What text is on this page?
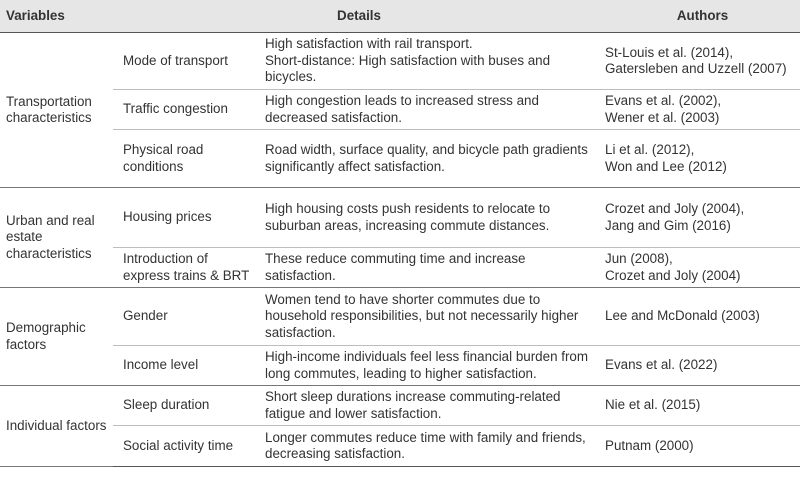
Variables	Details		Authors

Transportation
characteristics	Mode of transport	High satisfaction with rail transport.
Short-distance: High satisfaction with buses and
bicycles.	St-Louis et al. (2014),
Gatersleben and Uzzell (2007)

	Traffic congestion	High congestion leads to increased stress and
decreased satisfaction.	Evans et al. (2002),
Wener et al. (2003)

	Physical road
conditions	Road width, surface quality, and bicycle path gradients
significantly affect satisfaction.	Li et al. (2012),
Won and Lee (2012)

Urban and real
estate
characteristics	Housing prices	High housing costs push residents to relocate to
suburban areas, increasing commute distances.	Crozet and Joly (2004),
Jang and Gim (2016)

	Introduction of
express trains & BRT	These reduce commuting time and increase
satisfaction.	Jun (2008),
Crozet and Joly (2004)

Demographic
factors	Gender	Women tend to have shorter commutes due to
household responsibilities, but not necessarily higher
satisfaction.	Lee and McDonald (2003)

	Income level	High-income individuals feel less financial burden from
long commutes, leading to higher satisfaction.	Evans et al. (2022)

Individual factors	Sleep duration	Short sleep durations increase commuting-related
fatigue and lower satisfaction.	Nie et al. (2015)

	Social activity time	Longer commutes reduce time with family and friends,
decreasing satisfaction.	Putnam (2000)
